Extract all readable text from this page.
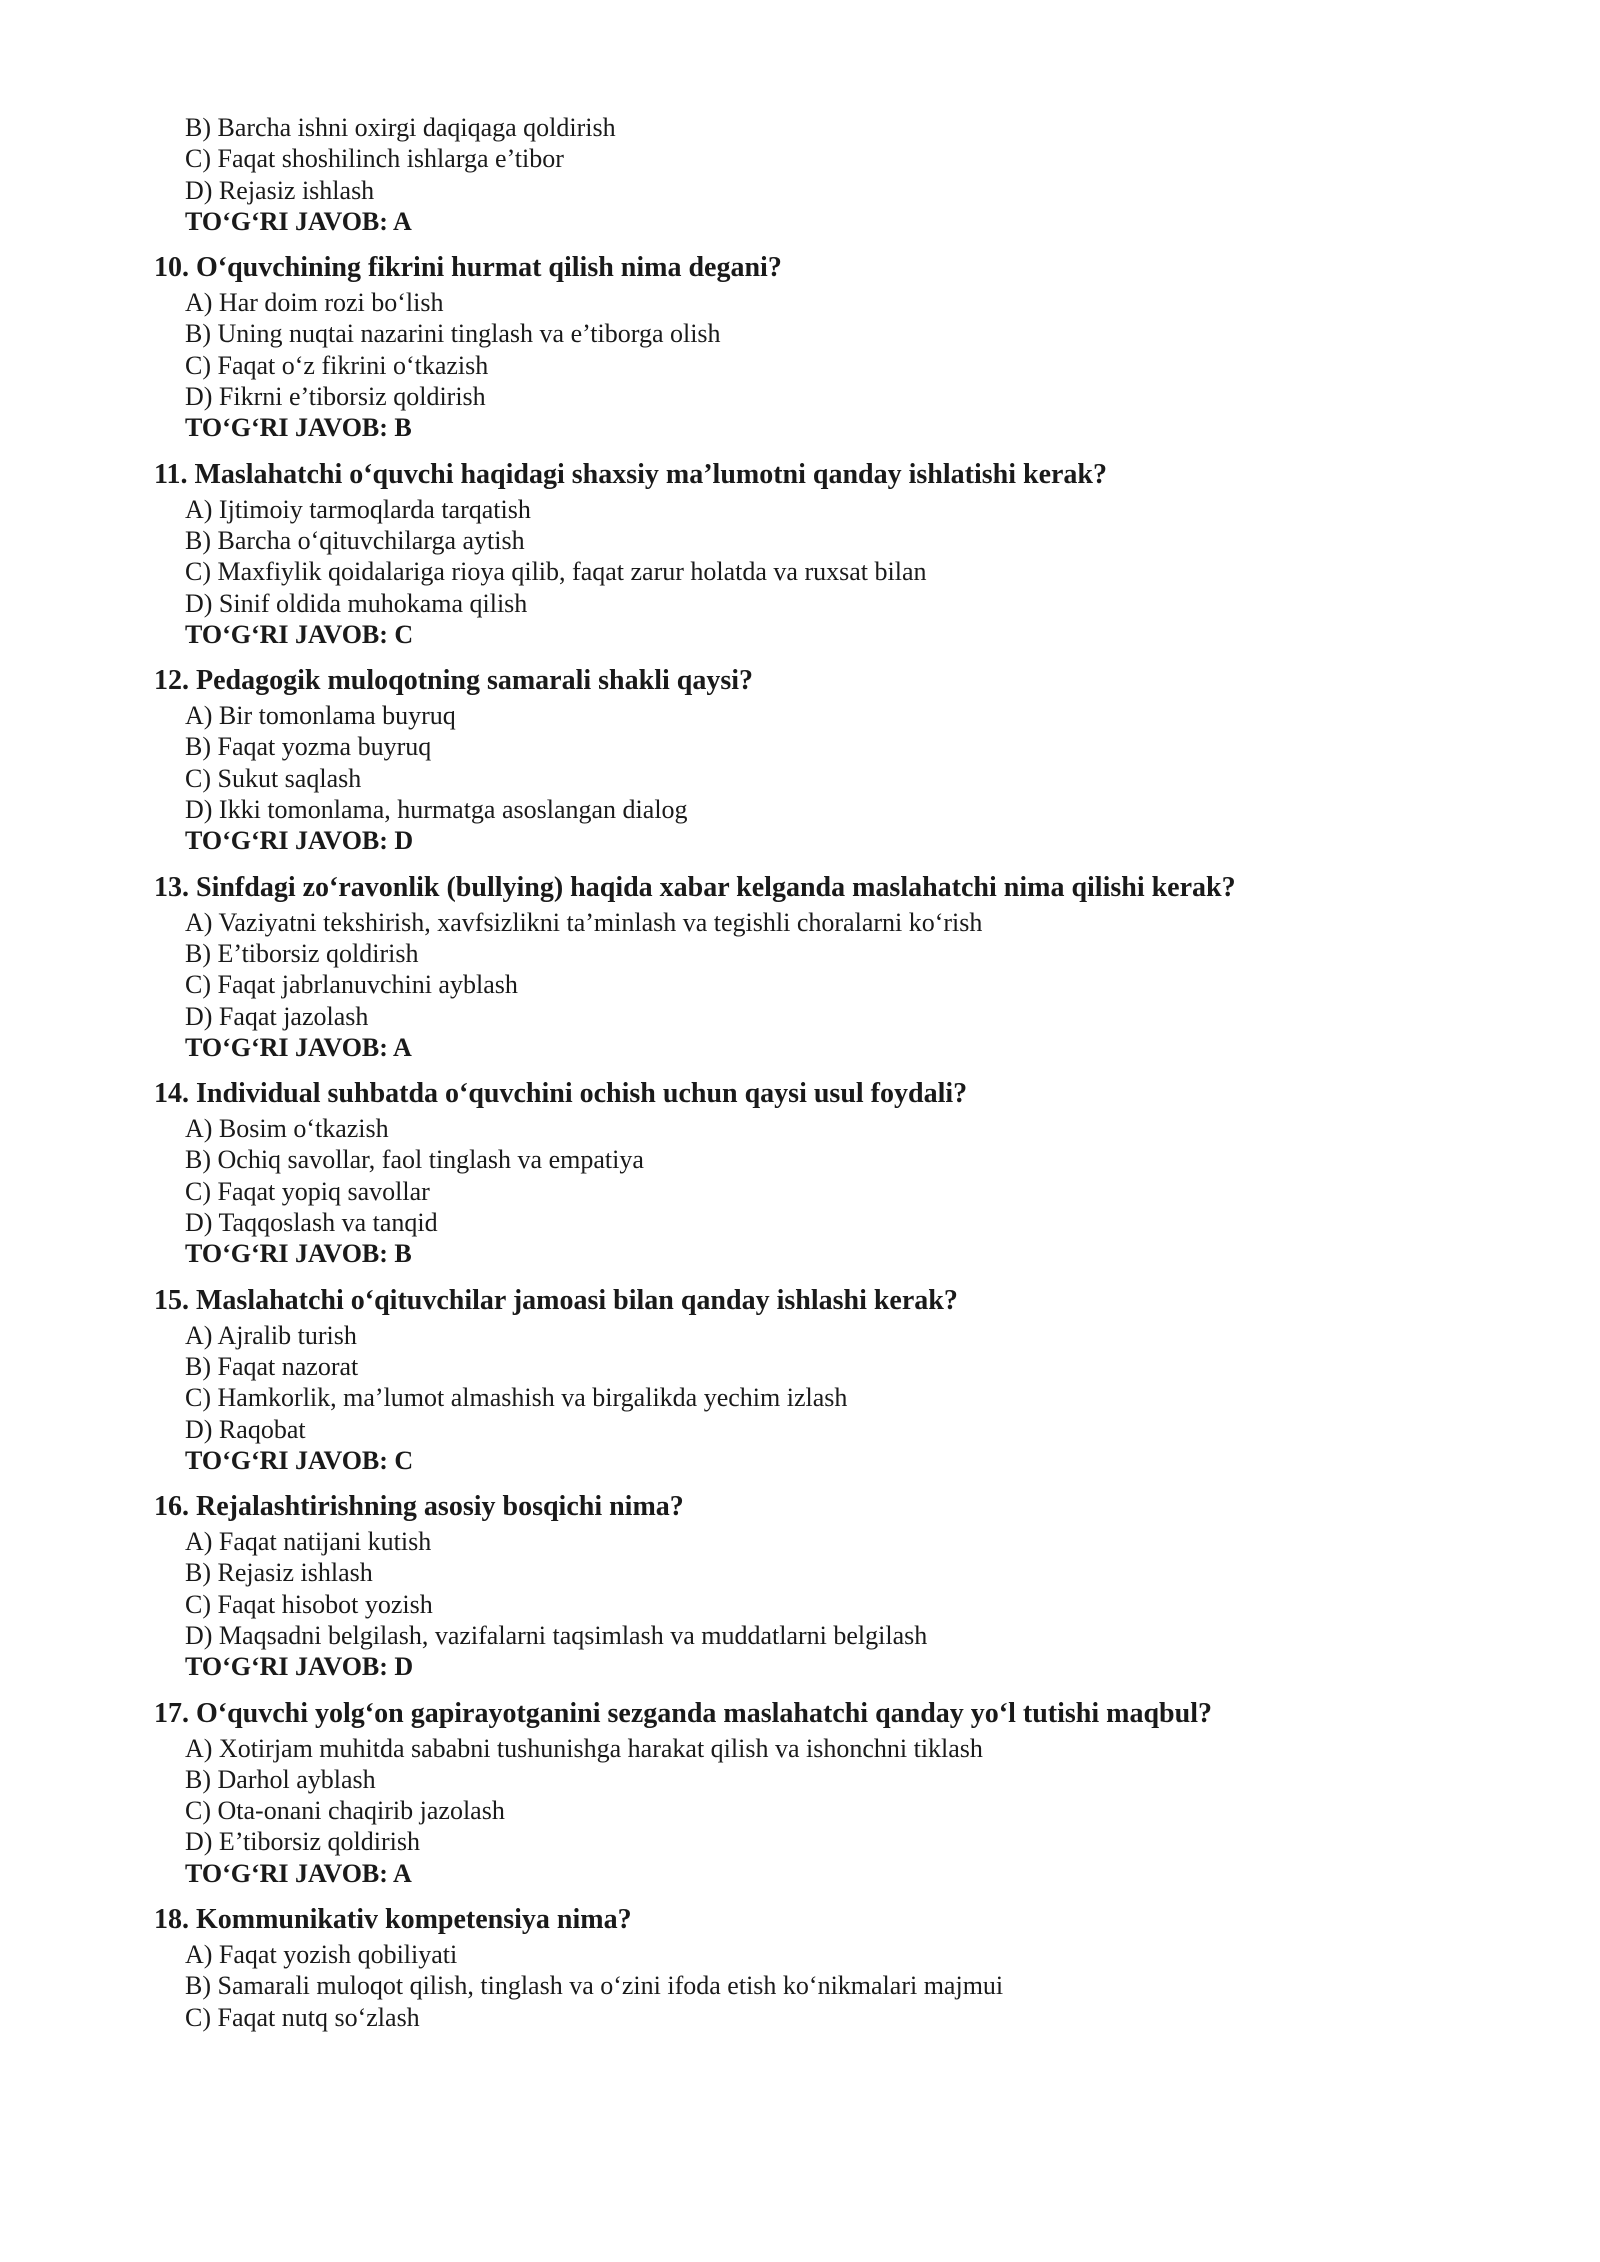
B) Barcha ishni oxirgi daqiqaga qoldirish
C) Faqat shoshilinch ishlarga e’tibor
D) Rejasiz ishlash
TO‘G‘RI JAVOB: A
10. O‘quvchining fikrini hurmat qilish nima degani?
A) Har doim rozi bo‘lish
B) Uning nuqtai nazarini tinglash va e’tiborga olish
C) Faqat o‘z fikrini o‘tkazish
D) Fikrni e’tiborsiz qoldirish
TO‘G‘RI JAVOB: B
11. Maslahatchi o‘quvchi haqidagi shaxsiy ma’lumotni qanday ishlatishi kerak?
A) Ijtimoiy tarmoqlarda tarqatish
B) Barcha o‘qituvchilarga aytish
C) Maxfiylik qoidalariga rioya qilib, faqat zarur holatda va ruxsat bilan
D) Sinif oldida muhokama qilish
TO‘G‘RI JAVOB: C
12. Pedagogik muloqotning samarali shakli qaysi?
A) Bir tomonlama buyruq
B) Faqat yozma buyruq
C) Sukut saqlash
D) Ikki tomonlama, hurmatga asoslangan dialog
TO‘G‘RI JAVOB: D
13. Sinfdagi zo‘ravonlik (bullying) haqida xabar kelganda maslahatchi nima qilishi kerak?
A) Vaziyatni tekshirish, xavfsizlikni ta’minlash va tegishli choralarni ko‘rish
B) E’tiborsiz qoldirish
C) Faqat jabrlanuvchini ayblash
D) Faqat jazolash
TO‘G‘RI JAVOB: A
14. Individual suhbatda o‘quvchini ochish uchun qaysi usul foydali?
A) Bosim o‘tkazish
B) Ochiq savollar, faol tinglash va empatiya
C) Faqat yopiq savollar
D) Taqqoslash va tanqid
TO‘G‘RI JAVOB: B
15. Maslahatchi o‘qituvchilar jamoasi bilan qanday ishlashi kerak?
A) Ajralib turish
B) Faqat nazorat
C) Hamkorlik, ma’lumot almashish va birgalikda yechim izlash
D) Raqobat
TO‘G‘RI JAVOB: C
16. Rejalashtirishning asosiy bosqichi nima?
A) Faqat natijani kutish
B) Rejasiz ishlash
C) Faqat hisobot yozish
D) Maqsadni belgilash, vazifalarni taqsimlash va muddatlarni belgilash
TO‘G‘RI JAVOB: D
17. O‘quvchi yolg‘on gapirayotganini sezganda maslahatchi qanday yo‘l tutishi maqbul?
A) Xotirjam muhitda sababni tushunishga harakat qilish va ishonchni tiklash
B) Darhol ayblash
C) Ota-onani chaqirib jazolash
D) E’tiborsiz qoldirish
TO‘G‘RI JAVOB: A
18. Kommunikativ kompetensiya nima?
A) Faqat yozish qobiliyati
B) Samarali muloqot qilish, tinglash va o‘zini ifoda etish ko‘nikmalari majmui
C) Faqat nutq so‘zlash
